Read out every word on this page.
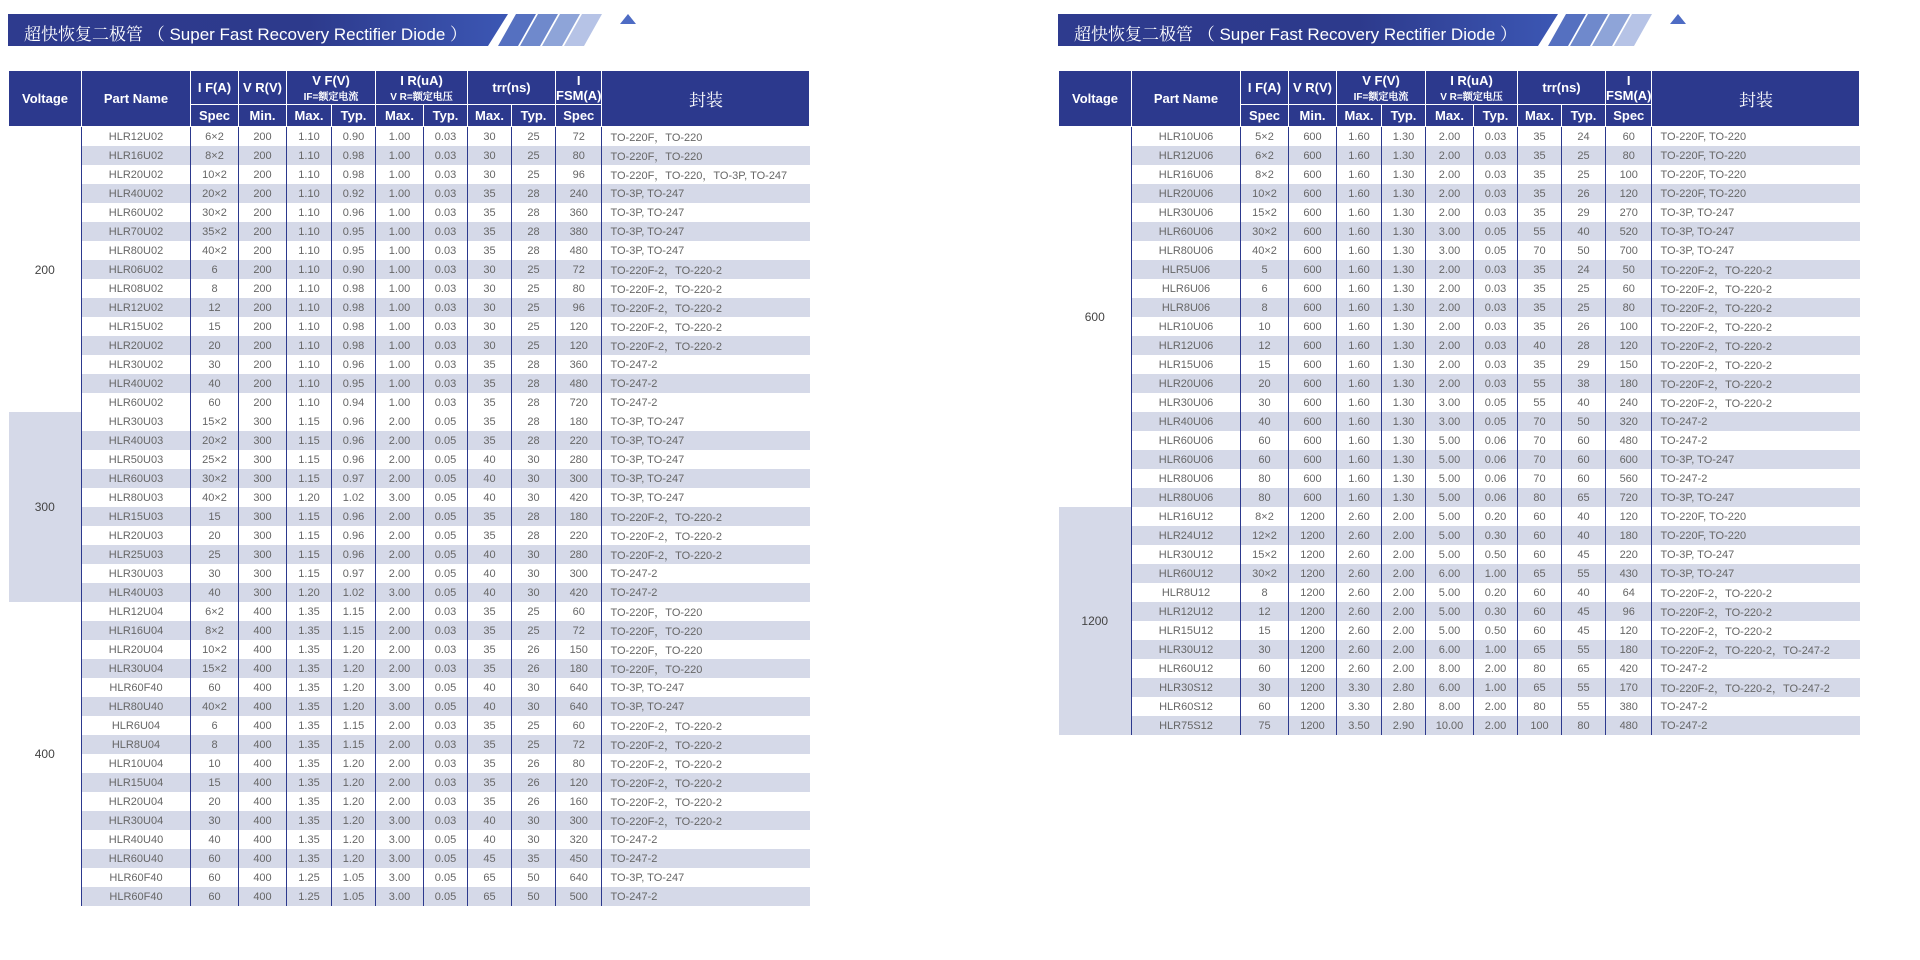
超快恢复二极管 （ Super Fast Recovery Rectifier Diode ）
Voltage	Part Name	I F(A)	V R(V)	V F(V)
IF=额定电流		I R(uA)
V R=额定电压		trr(ns)		I FSM(A)	封装
		Spec	Min.	Max.	Typ.	Max.	Typ.	Max.	Typ.	Spec	
200	HLR12U02	6×2	200	1.10	0.90	1.00	0.03	30	25	72	TO-220F，TO-220
	HLR16U02	8×2	200	1.10	0.98	1.00	0.03	30	25	80	TO-220F，TO-220
	HLR20U02	10×2	200	1.10	0.98	1.00	0.03	30	25	96	TO-220F，TO-220，TO-3P, TO-247
	HLR40U02	20×2	200	1.10	0.92	1.00	0.03	35	28	240	TO-3P, TO-247
	HLR60U02	30×2	200	1.10	0.96	1.00	0.03	35	28	360	TO-3P, TO-247
	HLR70U02	35×2	200	1.10	0.95	1.00	0.03	35	28	380	TO-3P, TO-247
	HLR80U02	40×2	200	1.10	0.95	1.00	0.03	35	28	480	TO-3P, TO-247
	HLR06U02	6	200	1.10	0.90	1.00	0.03	30	25	72	TO-220F-2，TO-220-2
	HLR08U02	8	200	1.10	0.98	1.00	0.03	30	25	80	TO-220F-2，TO-220-2
	HLR12U02	12	200	1.10	0.98	1.00	0.03	30	25	96	TO-220F-2，TO-220-2
	HLR15U02	15	200	1.10	0.98	1.00	0.03	30	25	120	TO-220F-2，TO-220-2
	HLR20U02	20	200	1.10	0.98	1.00	0.03	30	25	120	TO-220F-2，TO-220-2
	HLR30U02	30	200	1.10	0.96	1.00	0.03	35	28	360	TO-247-2
	HLR40U02	40	200	1.10	0.95	1.00	0.03	35	28	480	TO-247-2
	HLR60U02	60	200	1.10	0.94	1.00	0.03	35	28	720	TO-247-2
300	HLR30U03	15×2	300	1.15	0.96	2.00	0.05	35	28	180	TO-3P, TO-247
	HLR40U03	20×2	300	1.15	0.96	2.00	0.05	35	28	220	TO-3P, TO-247
	HLR50U03	25×2	300	1.15	0.96	2.00	0.05	40	30	280	TO-3P, TO-247
	HLR60U03	30×2	300	1.15	0.97	2.00	0.05	40	30	300	TO-3P, TO-247
	HLR80U03	40×2	300	1.20	1.02	3.00	0.05	40	30	420	TO-3P, TO-247
	HLR15U03	15	300	1.15	0.96	2.00	0.05	35	28	180	TO-220F-2，TO-220-2
	HLR20U03	20	300	1.15	0.96	2.00	0.05	35	28	220	TO-220F-2，TO-220-2
	HLR25U03	25	300	1.15	0.96	2.00	0.05	40	30	280	TO-220F-2，TO-220-2
	HLR30U03	30	300	1.15	0.97	2.00	0.05	40	30	300	TO-247-2
	HLR40U03	40	300	1.20	1.02	3.00	0.05	40	30	420	TO-247-2
400	HLR12U04	6×2	400	1.35	1.15	2.00	0.03	35	25	60	TO-220F，TO-220
	HLR16U04	8×2	400	1.35	1.15	2.00	0.03	35	25	72	TO-220F，TO-220
	HLR20U04	10×2	400	1.35	1.20	2.00	0.03	35	26	150	TO-220F，TO-220
	HLR30U04	15×2	400	1.35	1.20	2.00	0.03	35	26	180	TO-220F，TO-220
	HLR60F40	60	400	1.35	1.20	3.00	0.05	40	30	640	TO-3P, TO-247
	HLR80U40	40×2	400	1.35	1.20	3.00	0.05	40	30	640	TO-3P, TO-247
	HLR6U04	6	400	1.35	1.15	2.00	0.03	35	25	60	TO-220F-2，TO-220-2
	HLR8U04	8	400	1.35	1.15	2.00	0.03	35	25	72	TO-220F-2，TO-220-2
	HLR10U04	10	400	1.35	1.20	2.00	0.03	35	26	80	TO-220F-2，TO-220-2
	HLR15U04	15	400	1.35	1.20	2.00	0.03	35	26	120	TO-220F-2，TO-220-2
	HLR20U04	20	400	1.35	1.20	2.00	0.03	35	26	160	TO-220F-2，TO-220-2
	HLR30U04	30	400	1.35	1.20	3.00	0.03	40	30	300	TO-220F-2，TO-220-2
	HLR40U40	40	400	1.35	1.20	3.00	0.05	40	30	320	TO-247-2
	HLR60U40	60	400	1.35	1.20	3.00	0.05	45	35	450	TO-247-2
	HLR60F40	60	400	1.25	1.05	3.00	0.05	65	50	640	TO-3P, TO-247
	HLR60F40	60	400	1.25	1.05	3.00	0.05	65	50	500	TO-247-2
超快恢复二极管 （ Super Fast Recovery Rectifier Diode ）
Voltage	Part Name	I F(A)	V R(V)	V F(V)
IF=额定电流		I R(uA)
V R=额定电压		trr(ns)		I FSM(A)	封装
		Spec	Min.	Max.	Typ.	Max.	Typ.	Max.	Typ.	Spec	
600	HLR10U06	5×2	600	1.60	1.30	2.00	0.03	35	24	60	TO-220F, TO-220
	HLR12U06	6×2	600	1.60	1.30	2.00	0.03	35	25	80	TO-220F, TO-220
	HLR16U06	8×2	600	1.60	1.30	2.00	0.03	35	25	100	TO-220F, TO-220
	HLR20U06	10×2	600	1.60	1.30	2.00	0.03	35	26	120	TO-220F, TO-220
	HLR30U06	15×2	600	1.60	1.30	2.00	0.03	35	29	270	TO-3P, TO-247
	HLR60U06	30×2	600	1.60	1.30	3.00	0.05	55	40	520	TO-3P, TO-247
	HLR80U06	40×2	600	1.60	1.30	3.00	0.05	70	50	700	TO-3P, TO-247
	HLR5U06	5	600	1.60	1.30	2.00	0.03	35	24	50	TO-220F-2，TO-220-2
	HLR6U06	6	600	1.60	1.30	2.00	0.03	35	25	60	TO-220F-2，TO-220-2
	HLR8U06	8	600	1.60	1.30	2.00	0.03	35	25	80	TO-220F-2，TO-220-2
	HLR10U06	10	600	1.60	1.30	2.00	0.03	35	26	100	TO-220F-2，TO-220-2
	HLR12U06	12	600	1.60	1.30	2.00	0.03	40	28	120	TO-220F-2，TO-220-2
	HLR15U06	15	600	1.60	1.30	2.00	0.03	35	29	150	TO-220F-2，TO-220-2
	HLR20U06	20	600	1.60	1.30	2.00	0.03	55	38	180	TO-220F-2，TO-220-2
	HLR30U06	30	600	1.60	1.30	3.00	0.05	55	40	240	TO-220F-2，TO-220-2
	HLR40U06	40	600	1.60	1.30	3.00	0.05	70	50	320	TO-247-2
	HLR60U06	60	600	1.60	1.30	5.00	0.06	70	60	480	TO-247-2
	HLR60U06	60	600	1.60	1.30	5.00	0.06	70	60	600	TO-3P, TO-247
	HLR80U06	80	600	1.60	1.30	5.00	0.06	70	60	560	TO-247-2
	HLR80U06	80	600	1.60	1.30	5.00	0.06	80	65	720	TO-3P, TO-247
1200	HLR16U12	8×2	1200	2.60	2.00	5.00	0.20	60	40	120	TO-220F, TO-220
	HLR24U12	12×2	1200	2.60	2.00	5.00	0.30	60	40	180	TO-220F, TO-220
	HLR30U12	15×2	1200	2.60	2.00	5.00	0.50	60	45	220	TO-3P, TO-247
	HLR60U12	30×2	1200	2.60	2.00	6.00	1.00	65	55	430	TO-3P, TO-247
	HLR8U12	8	1200	2.60	2.00	5.00	0.20	60	40	64	TO-220F-2，TO-220-2
	HLR12U12	12	1200	2.60	2.00	5.00	0.30	60	45	96	TO-220F-2，TO-220-2
	HLR15U12	15	1200	2.60	2.00	5.00	0.50	60	45	120	TO-220F-2，TO-220-2
	HLR30U12	30	1200	2.60	2.00	6.00	1.00	65	55	180	TO-220F-2，TO-220-2，TO-247-2
	HLR60U12	60	1200	2.60	2.00	8.00	2.00	80	65	420	TO-247-2
	HLR30S12	30	1200	3.30	2.80	6.00	1.00	65	55	170	TO-220F-2，TO-220-2，TO-247-2
	HLR60S12	60	1200	3.30	2.80	8.00	2.00	80	55	380	TO-247-2
	HLR75S12	75	1200	3.50	2.90	10.00	2.00	100	80	480	TO-247-2
